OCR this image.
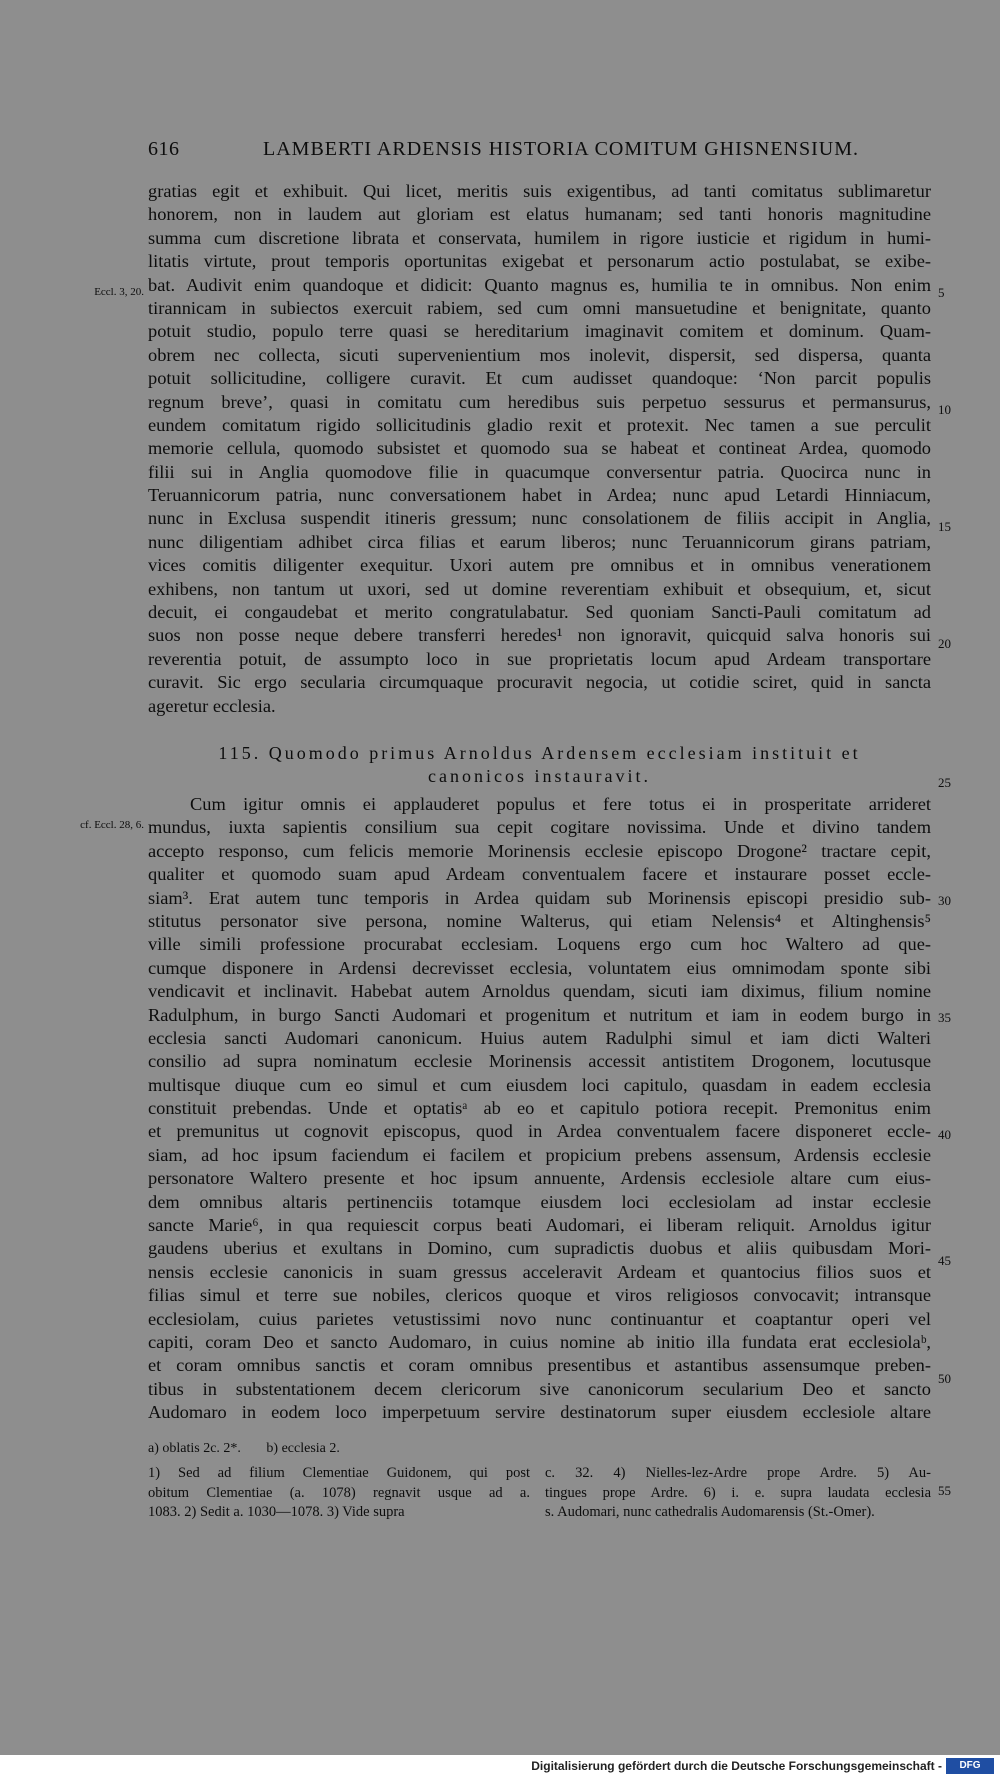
616	LAMBERTI ARDENSIS HISTORIA COMITUM GHISNENSIUM.
Eccl. 3, 20.
cf. Eccl. 28, 6.
5
10
15
20
25
30
35
40
45
50
55
gratias egit et exhibuit. Qui licet, meritis suis exigentibus, ad tanti comitatus sublimaretur
honorem, non in laudem aut gloriam est elatus humanam; sed tanti honoris magnitudine
summa cum discretione librata et conservata, humilem in rigore iusticie et rigidum in humi-
litatis virtute, prout temporis oportunitas exigebat et personarum actio postulabat, se exibe-
bat. Audivit enim quandoque et didicit: Quanto magnus es, humilia te in omnibus. Non enim
tirannicam in subiectos exercuit rabiem, sed cum omni mansuetudine et benignitate, quanto
potuit studio, populo terre quasi se hereditarium imaginavit comitem et dominum. Quam-
obrem nec collecta, sicuti supervenientium mos inolevit, dispersit, sed dispersa, quanta
potuit sollicitudine, colligere curavit. Et cum audisset quandoque: ‘Non parcit populis
regnum breve’, quasi in comitatu cum heredibus suis perpetuo sessurus et permansurus,
eundem comitatum rigido sollicitudinis gladio rexit et protexit. Nec tamen a sue perculit
memorie cellula, quomodo subsistet et quomodo sua se habeat et contineat Ardea, quomodo
filii sui in Anglia quomodove filie in quacumque conversentur patria. Quocirca nunc in
Teruannicorum patria, nunc conversationem habet in Ardea; nunc apud Letardi Hinniacum,
nunc in Exclusa suspendit itineris gressum; nunc consolationem de filiis accipit in Anglia,
nunc diligentiam adhibet circa filias et earum liberos; nunc Teruannicorum girans patriam,
vices comitis diligenter exequitur. Uxori autem pre omnibus et in omnibus venerationem
exhibens, non tantum ut uxori, sed ut domine reverentiam exhibuit et obsequium, et, sicut
decuit, ei congaudebat et merito congratulabatur. Sed quoniam Sancti-Pauli comitatum ad
suos non posse neque debere transferri heredes¹ non ignoravit, quicquid salva honoris sui
reverentia potuit, de assumpto loco in sue proprietatis locum apud Ardeam transportare
curavit. Sic ergo secularia circumquaque procuravit negocia, ut cotidie sciret, quid in sancta
ageretur ecclesia.
115. Quomodo primus Arnoldus Ardensem ecclesiam instituit et
canonicos instauravit.
Cum igitur omnis ei applauderet populus et fere totus ei in prosperitate arrideret
mundus, iuxta sapientis consilium sua cepit cogitare novissima. Unde et divino tandem
accepto responso, cum felicis memorie Morinensis ecclesie episcopo Drogone² tractare cepit,
qualiter et quomodo suam apud Ardeam conventualem facere et instaurare posset eccle-
siam³. Erat autem tunc temporis in Ardea quidam sub Morinensis episcopi presidio sub-
stitutus personator sive persona, nomine Walterus, qui etiam Nelensis⁴ et Altinghensis⁵
ville simili professione procurabat ecclesiam. Loquens ergo cum hoc Waltero ad que-
cumque disponere in Ardensi decrevisset ecclesia, voluntatem eius omnimodam sponte sibi
vendicavit et inclinavit. Habebat autem Arnoldus quendam, sicuti iam diximus, filium nomine
Radulphum, in burgo Sancti Audomari et progenitum et nutritum et iam in eodem burgo in
ecclesia sancti Audomari canonicum. Huius autem Radulphi simul et iam dicti Walteri
consilio ad supra nominatum ecclesie Morinensis accessit antistitem Drogonem, locutusque
multisque diuque cum eo simul et cum eiusdem loci capitulo, quasdam in eadem ecclesia
constituit prebendas. Unde et optatisᵃ ab eo et capitulo potiora recepit. Premonitus enim
et premunitus ut cognovit episcopus, quod in Ardea conventualem facere disponeret eccle-
siam, ad hoc ipsum faciendum ei facilem et propicium prebens assensum, Ardensis ecclesie
personatore Waltero presente et hoc ipsum annuente, Ardensis ecclesiole altare cum eius-
dem omnibus altaris pertinenciis totamque eiusdem loci ecclesiolam ad instar ecclesie
sancte Marie⁶, in qua requiescit corpus beati Audomari, ei liberam reliquit. Arnoldus igitur
gaudens uberius et exultans in Domino, cum supradictis duobus et aliis quibusdam Mori-
nensis ecclesie canonicis in suam gressus acceleravit Ardeam et quantocius filios suos et
filias simul et terre sue nobiles, clericos quoque et viros religiosos convocavit; intransque
ecclesiolam, cuius parietes vetustissimi novo nunc continuantur et coaptantur operi vel
capiti, coram Deo et sancto Audomaro, in cuius nomine ab initio illa fundata erat ecclesiolaᵇ,
et coram omnibus sanctis et coram omnibus presentibus et astantibus assensumque preben-
tibus in substentationem decem clericorum sive canonicorum secularium Deo et sancto
Audomaro in eodem loco imperpetuum servire destinatorum super eiusdem ecclesiole altare
a) oblatis 2c. 2*. b) ecclesia 2.
1) Sed ad filium Clementiae Guidonem, qui post
obitum Clementiae (a. 1078) regnavit usque ad a.
1083. 2) Sedit a. 1030—1078. 3) Vide supra
c. 32. 4) Nielles-lez-Ardre prope Ardre. 5) Au-
tingues prope Ardre. 6) i. e. supra laudata ecclesia
s. Audomari, nunc cathedralis Audomarensis (St.-Omer).
Digitalisierung gefördert durch die Deutsche Forschungsgemeinschaft -	DFG
